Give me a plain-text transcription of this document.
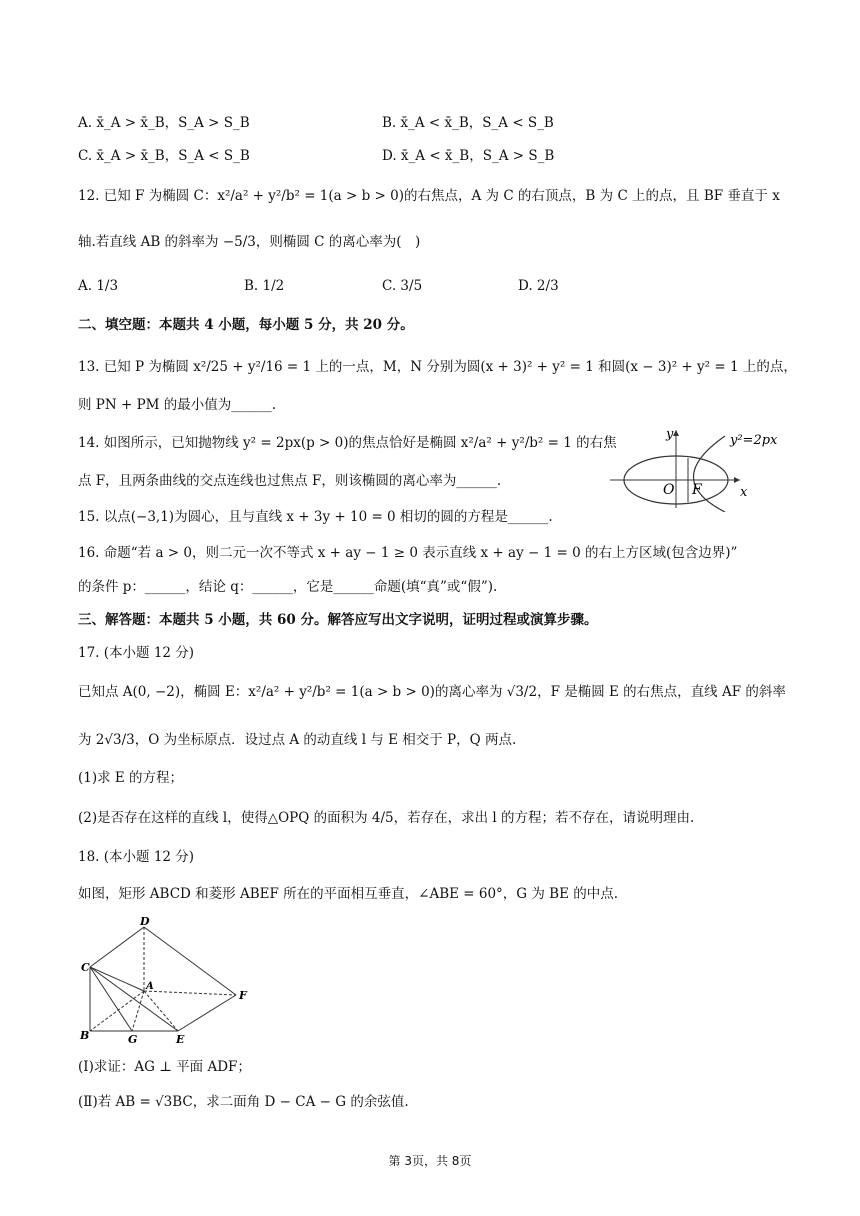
A. x̄_A > x̄_B，S_A > S_B	B. x̄_A < x̄_B，S_A < S_B
C. x̄_A > x̄_B，S_A < S_B	D. x̄_A < x̄_B，S_A > S_B
12. 已知 F 为椭圆 C：x²/a² + y²/b² = 1(a > b > 0)的右焦点，A 为 C 的右顶点，B 为 C 上的点，且 BF 垂直于 x
轴.若直线 AB 的斜率为 −5/3，则椭圆 C 的离心率为(　)
A. 1/3	B. 1/2	C. 3/5	D. 2/3
二、填空题：本题共 4 小题，每小题 5 分，共 20 分。
13. 已知 P 为椭圆 x²/25 + y²/16 = 1 上的一点，M，N 分别为圆(x + 3)² + y² = 1 和圆(x − 3)² + y² = 1 上的点，
则 PN + PM 的最小值为______.
14. 如图所示，已知抛物线 y² = 2px(p > 0)的焦点恰好是椭圆 x²/a² + y²/b² = 1 的右焦
点 F，且两条曲线的交点连线也过焦点 F，则该椭圆的离心率为______.
y	y²=2px
O F	x
15. 以点(−3,1)为圆心，且与直线 x + 3y + 10 = 0 相切的圆的方程是______.
16. 命题“若 a > 0，则二元一次不等式 x + ay − 1 ≥ 0 表示直线 x + ay − 1 = 0 的右上方区域(包含边界)”
的条件 p：______，结论 q：______，它是______命题(填“真”或“假”).
三、解答题：本题共 5 小题，共 60 分。解答应写出文字说明，证明过程或演算步骤。
17. (本小题 12 分)
已知点 A(0, −2)，椭圆 E：x²/a² + y²/b² = 1(a > b > 0)的离心率为 √3/2，F 是椭圆 E 的右焦点，直线 AF 的斜率
为 2√3/3，O 为坐标原点．设过点 A 的动直线 l 与 E 相交于 P，Q 两点.
(1)求 E 的方程；
(2)是否存在这样的直线 l，使得△OPQ 的面积为 4/5，若存在，求出 l 的方程；若不存在，请说明理由.
18. (本小题 12 分)
如图，矩形 ABCD 和菱形 ABEF 所在的平面相互垂直，∠ABE = 60°，G 为 BE 的中点.
D
C
A
F
B	G	E
(Ⅰ)求证：AG ⊥ 平面 ADF；
(Ⅱ)若 AB = √3BC，求二面角 D − CA − G 的余弦值.
第 3页，共 8页
